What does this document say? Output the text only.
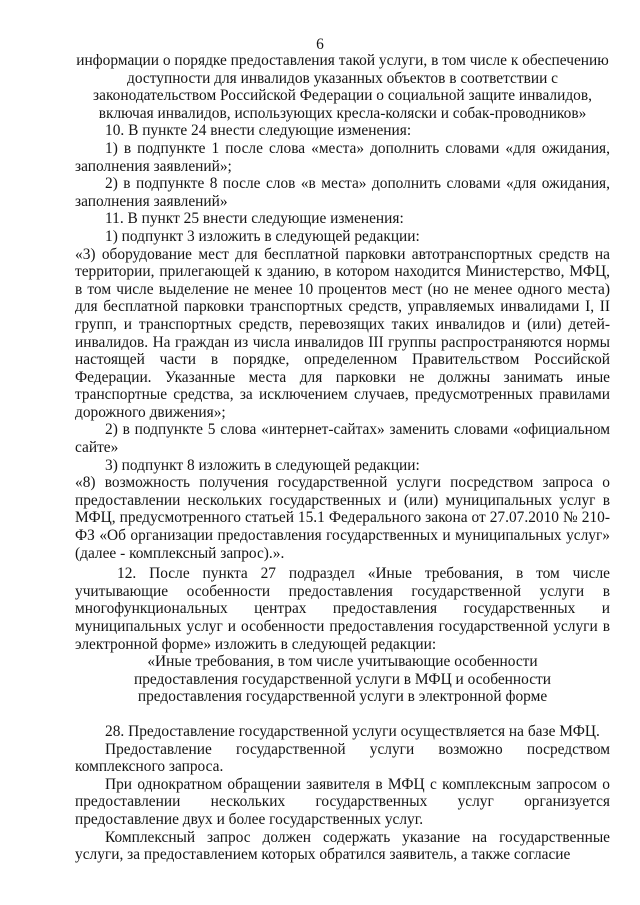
6

информации о порядке предоставления такой услуги, в том числе к обеспечению доступности для инвалидов указанных объектов в соответствии с законодательством Российской Федерации о социальной защите инвалидов, включая инвалидов, использующих кресла-коляски и собак-проводников»

10. В пункте 24 внести следующие изменения:

1) в подпункте 1 после слова «места» дополнить словами «для ожидания, заполнения заявлений»;

2) в подпункте 8 после слов «в места» дополнить словами «для ожидания, заполнения заявлений»

11. В пункт 25 внести следующие изменения:

1) подпункт 3 изложить в следующей редакции:

«3) оборудование мест для бесплатной парковки автотранспортных средств на территории, прилегающей к зданию, в котором находится Министерство, МФЦ, в том числе выделение не менее 10 процентов мест (но не менее одного места) для бесплатной парковки транспортных средств, управляемых инвалидами I, II групп, и транспортных средств, перевозящих таких инвалидов и (или) детей-инвалидов. На граждан из числа инвалидов III группы распространяются нормы настоящей части в порядке, определенном Правительством Российской Федерации. Указанные места для парковки не должны занимать иные транспортные средства, за исключением случаев, предусмотренных правилами дорожного движения»;

2) в подпункте 5 слова «интернет-сайтах» заменить словами «официальном сайте»

3) подпункт 8 изложить в следующей редакции:

«8) возможность получения государственной услуги посредством запроса о предоставлении нескольких государственных и (или) муниципальных услуг в МФЦ, предусмотренного статьей 15.1 Федерального закона от 27.07.2010 № 210-ФЗ «Об организации предоставления государственных и муниципальных услуг» (далее - комплексный запрос).».

12. После пункта 27 подраздел «Иные требования, в том числе учитывающие особенности предоставления государственной услуги в многофункциональных центрах предоставления государственных и муниципальных услуг и особенности предоставления государственной услуги в электронной форме» изложить в следующей редакции:

«Иные требования, в том числе учитывающие особенности предоставления государственной услуги в МФЦ и особенности предоставления государственной услуги в электронной форме

28. Предоставление государственной услуги осуществляется на базе МФЦ.

Предоставление государственной услуги возможно посредством комплексного запроса.

При однократном обращении заявителя в МФЦ с комплексным запросом о предоставлении нескольких государственных услуг организуется предоставление двух и более государственных услуг.

Комплексный запрос должен содержать указание на государственные услуги, за предоставлением которых обратился заявитель, а также согласие
